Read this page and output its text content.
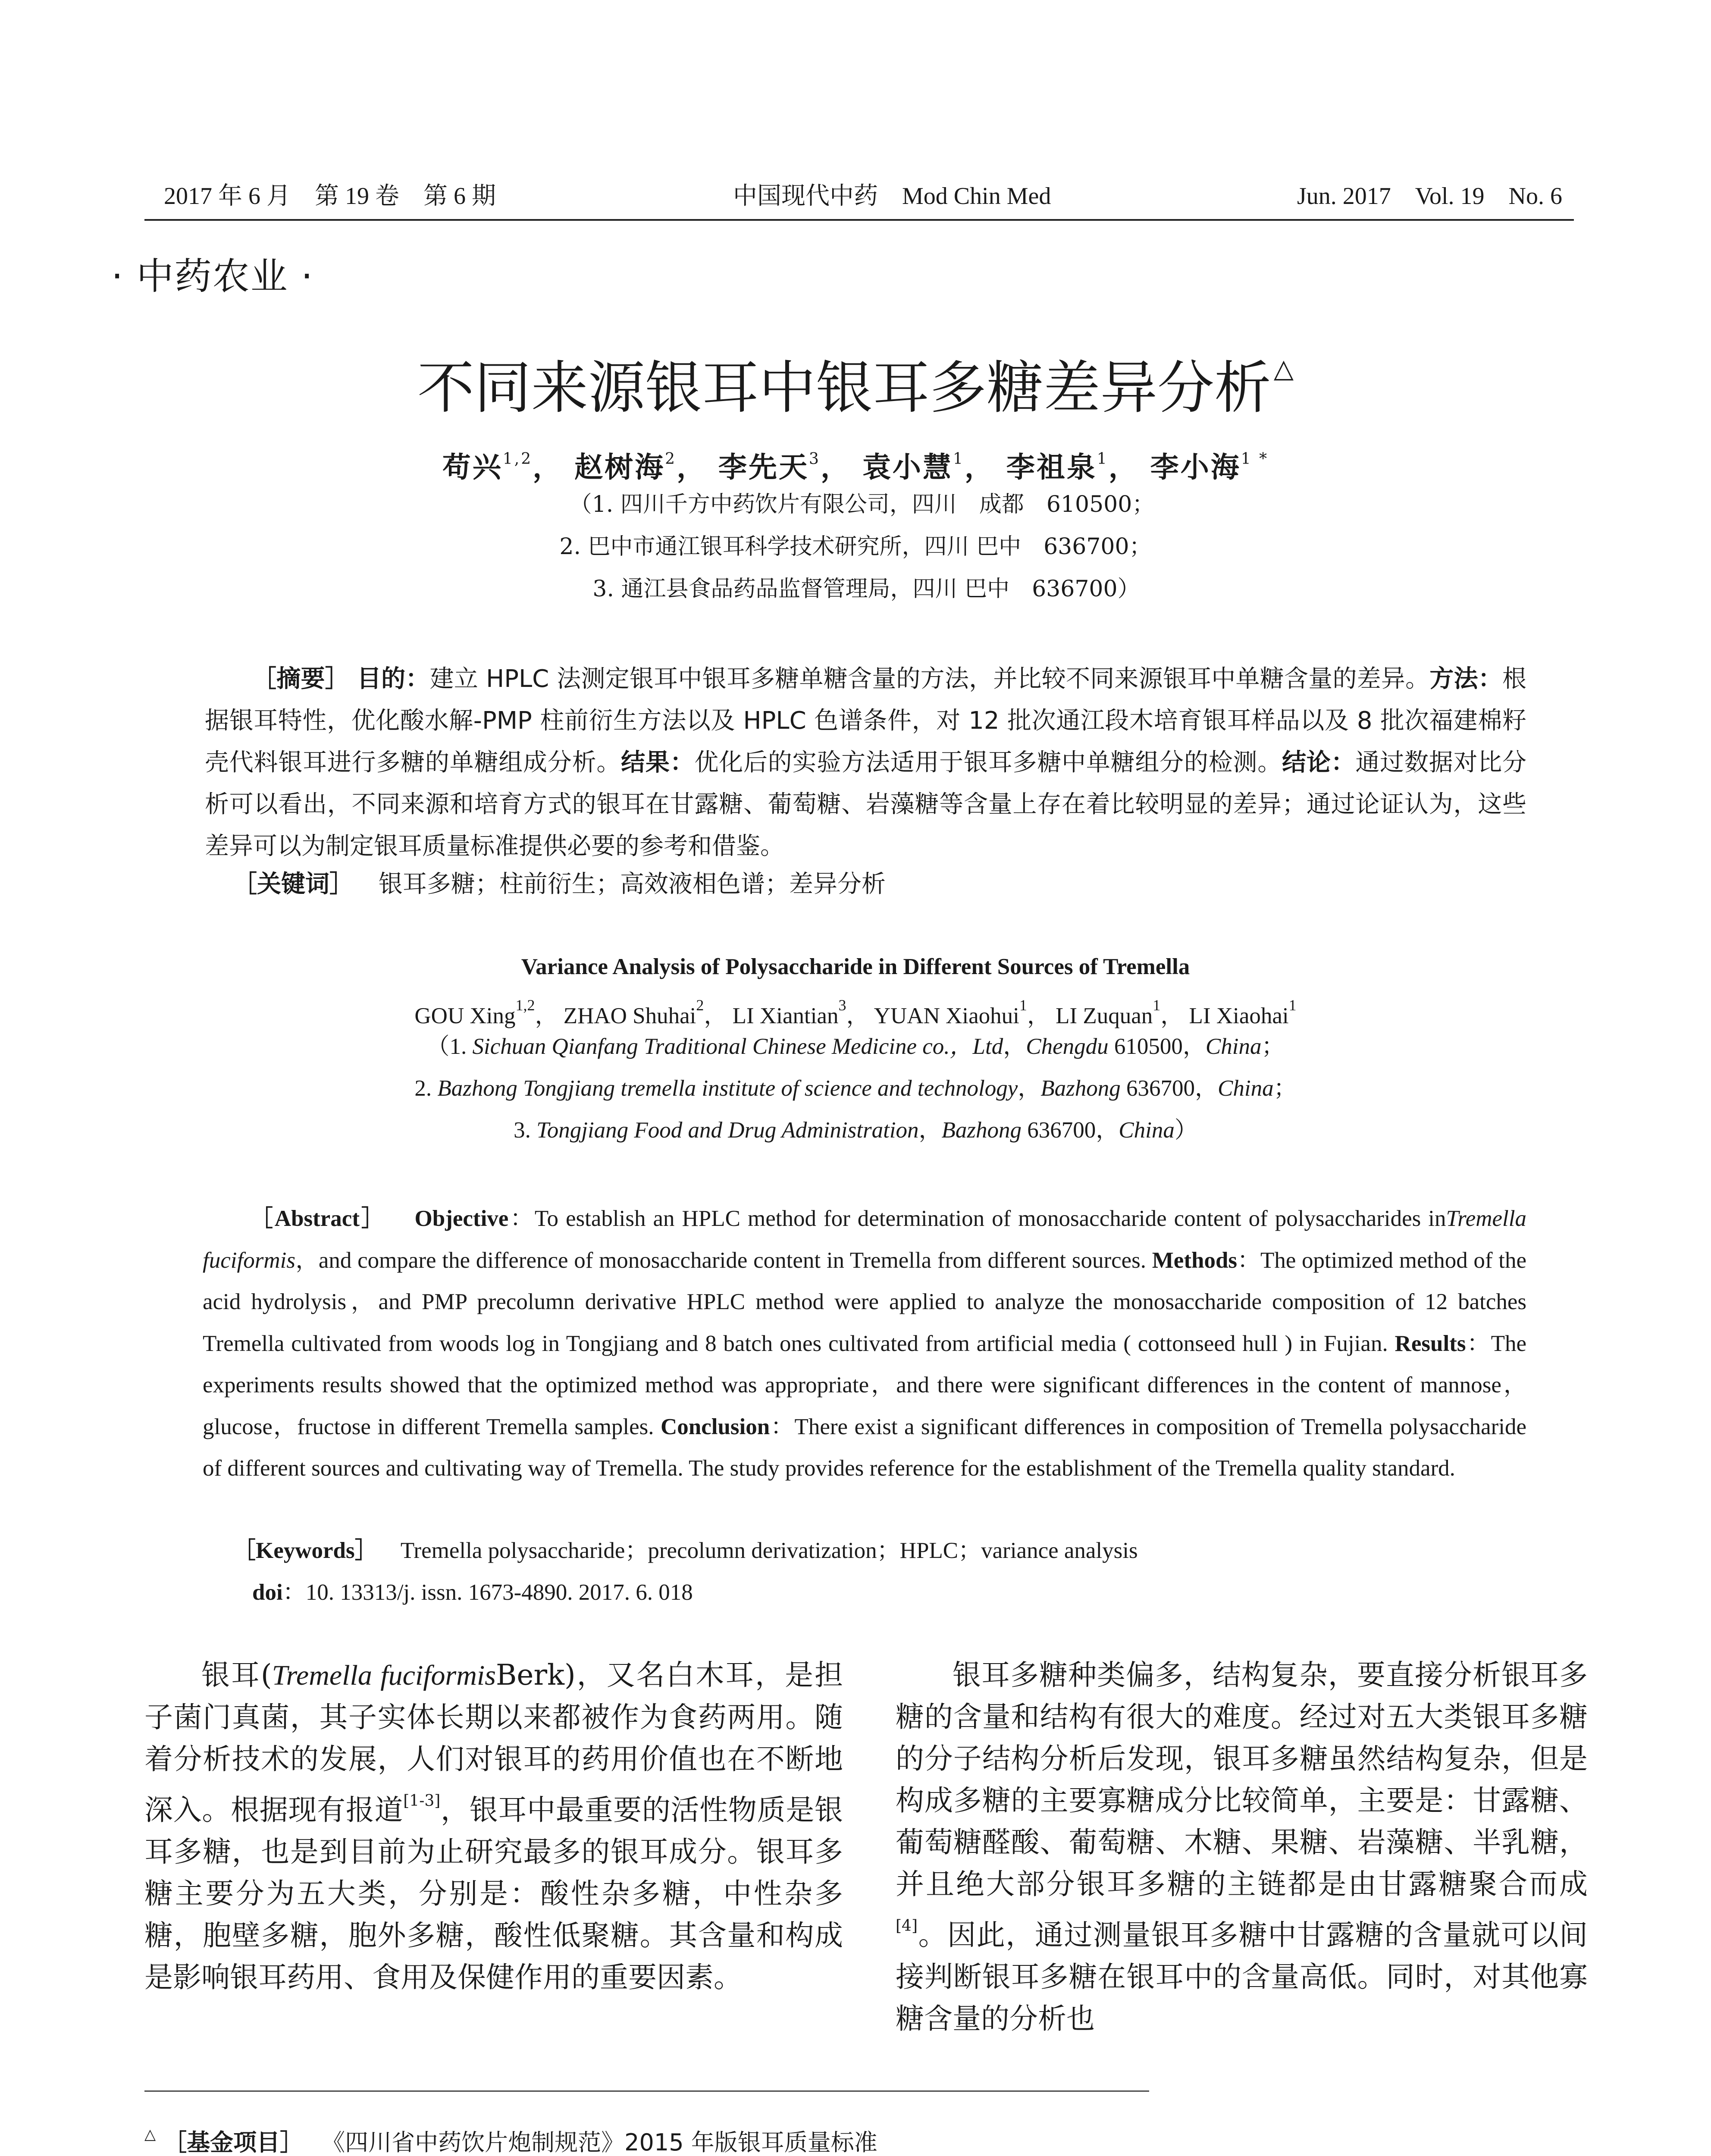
2017 年 6 月　第 19 卷　第 6 期	中国现代中药　Mod Chin Med	Jun. 2017　Vol. 19　No. 6
· 中药农业 ·
不同来源银耳中银耳多糖差异分析 △
苟兴$^{1,2}$， 赵树海$^2$， 李先天$^3$， 袁小慧$^1$， 李祖泉$^1$， 李小海$^{1 *}$
（1. 四川千方中药饮片有限公司，四川　成都　610500；
2. 巴中市通江银耳科学技术研究所，四川 巴中　636700；
3. 通江县食品药品监督管理局，四川 巴中　636700）

［摘要］ 目的：建立 HPLC 法测定银耳中银耳多糖单糖含量的方法，并比较不同来源银耳中单糖含量的差异。方法：根据银耳特性，优化酸水解-PMP 柱前衍生方法以及 HPLC 色谱条件，对 12 批次通江段木培育银耳样品以及 8 批次福建棉籽壳代料银耳进行多糖的单糖组成分析。结果：优化后的实验方法适用于银耳多糖中单糖组分的检测。结论：通过数据对比分析可以看出，不同来源和培育方式的银耳在甘露糖、葡萄糖、岩藻糖等含量上存在着比较明显的差异；通过论证认为，这些差异可以为制定银耳质量标准提供必要的参考和借鉴。

［关键词］ 银耳多糖；柱前衍生；高效液相色谱；差异分析
Variance Analysis of Polysaccharide in Different Sources of Tremella
GOU Xing$^{1,2}$， ZHAO Shuhai$^2$， LI Xiantian$^3$， YUAN Xiaohui$^1$， LI Zuquan$^1$， LI Xiaohai$^1$
（1. Sichuan Qianfang Traditional Chinese Medicine co.，Ltd，Chengdu 610500，China；
2. Bazhong Tongjiang tremella institute of science and technology，Bazhong 636700，China；
3. Tongjiang Food and Drug Administration，Bazhong 636700，China）

［Abstract］ Objective：To establish an HPLC method for determination of monosaccharide content of polysaccharides inTremella fuciformis，and compare the difference of monosaccharide content in Tremella from different sources. Methods：The optimized method of the acid hydrolysis，and PMP precolumn derivative HPLC method were applied to analyze the monosaccharide composition of 12 batches Tremella cultivated from woods log in Tongjiang and 8 batch ones cultivated from artificial media ( cottonseed hull ) in Fujian. Results：The experiments results showed that the optimized method was appropriate，and there were significant differences in the content of mannose，glucose，fructose in different Tremella samples. Conclusion：There exist a significant differences in composition of Tremella polysaccharide of different sources and cultivating way of Tremella. The study provides reference for the establishment of the Tremella quality standard.

［Keywords］ Tremella polysaccharide；precolumn derivatization；HPLC；variance analysis
doi：10. 13313/j. issn. 1673-4890. 2017. 6. 018

银耳(Tremella fuciformisBerk)，又名白木耳，是担子菌门真菌，其子实体长期以来都被作为食药两用。随着分析技术的发展，人们对银耳的药用价值也在不断地深入。根据现有报道[1-3]，银耳中最重要的活性物质是银耳多糖，也是到目前为止研究最多的银耳成分。银耳多糖主要分为五大类，分别是：酸性杂多糖，中性杂多糖，胞壁多糖，胞外多糖，酸性低聚糖。其含量和构成是影响银耳药用、食用及保健作用的重要因素。

银耳多糖种类偏多，结构复杂，要直接分析银耳多糖的含量和结构有很大的难度。经过对五大类银耳多糖的分子结构分析后发现，银耳多糖虽然结构复杂，但是构成多糖的主要寡糖成分比较简单，主要是：甘露糖、葡萄糖醛酸、葡萄糖、木糖、果糖、岩藻糖、半乳糖，并且绝大部分银耳多糖的主链都是由甘露糖聚合而成[4]。因此，通过测量银耳多糖中甘露糖的含量就可以间接判断银耳多糖在银耳中的含量高低。同时，对其他寡糖含量的分析也

△ ［基金项目］ 《四川省中药饮片炮制规范》2015 年版银耳质量标准
